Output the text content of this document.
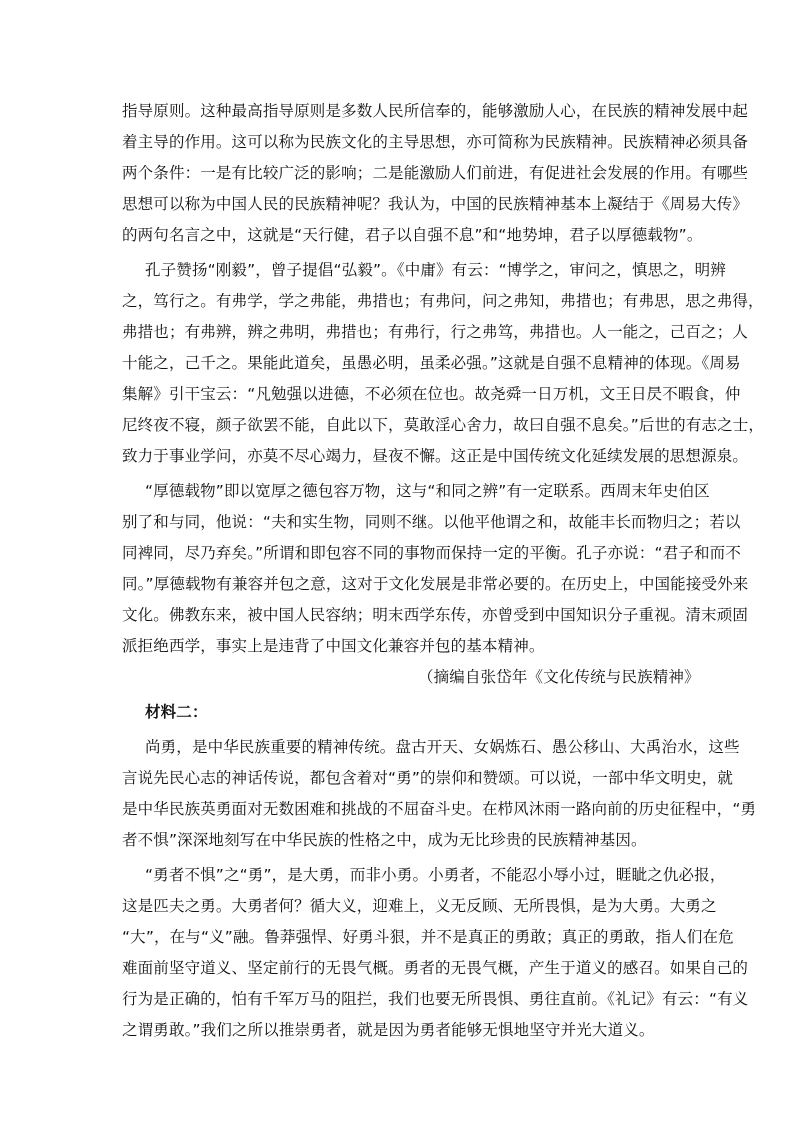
指导原则。这种最高指导原则是多数人民所信奉的，能够激励人心，在民族的精神发展中起
着主导的作用。这可以称为民族文化的主导思想，亦可简称为民族精神。民族精神必须具备
两个条件：一是有比较广泛的影响；二是能激励人们前进，有促进社会发展的作用。有哪些
思想可以称为中国人民的民族精神呢？我认为，中国的民族精神基本上凝结于《周易大传》
的两句名言之中，这就是“天行健，君子以自强不息”和“地势坤，君子以厚德载物”。
孔子赞扬“刚毅”，曾子提倡“弘毅”。《中庸》有云：“博学之，审问之，慎思之，明辨
之，笃行之。有弗学，学之弗能，弗措也；有弗问，问之弗知，弗措也；有弗思，思之弗得，
弗措也；有弗辨，辨之弗明，弗措也；有弗行，行之弗笃，弗措也。人一能之，己百之；人
十能之，己千之。果能此道矣，虽愚必明，虽柔必强。”这就是自强不息精神的体现。《周易
集解》引干宝云：“凡勉强以进德，不必须在位也。故尧舜一日万机，文王日昃不暇食，仲
尼终夜不寝，颜子欲罢不能，自此以下，莫敢淫心舍力，故曰自强不息矣。”后世的有志之士，
致力于事业学问，亦莫不尽心竭力，昼夜不懈。这正是中国传统文化延续发展的思想源泉。
“厚德载物”即以宽厚之德包容万物，这与“和同之辨”有一定联系。西周末年史伯区
别了和与同，他说：“夫和实生物，同则不继。以他平他谓之和，故能丰长而物归之；若以
同裨同，尽乃弃矣。”所谓和即包容不同的事物而保持一定的平衡。孔子亦说：“君子和而不
同。”厚德载物有兼容并包之意，这对于文化发展是非常必要的。在历史上，中国能接受外来
文化。佛教东来，被中国人民容纳；明末西学东传，亦曾受到中国知识分子重视。清末顽固
派拒绝西学，事实上是违背了中国文化兼容并包的基本精神。
（摘编自张岱年《文化传统与民族精神》
材料二：
尚勇，是中华民族重要的精神传统。盘古开天、女娲炼石、愚公移山、大禹治水，这些
言说先民心志的神话传说，都包含着对“勇”的崇仰和赞颂。可以说，一部中华文明史，就
是中华民族英勇面对无数困难和挑战的不屈奋斗史。在栉风沐雨一路向前的历史征程中，“勇
者不惧”深深地刻写在中华民族的性格之中，成为无比珍贵的民族精神基因。
“勇者不惧”之“勇”，是大勇，而非小勇。小勇者，不能忍小辱小过，睚眦之仇必报，
这是匹夫之勇。大勇者何？循大义，迎难上，义无反顾、无所畏惧，是为大勇。大勇之
“大”，在与“义”融。鲁莽强悍、好勇斗狠，并不是真正的勇敢；真正的勇敢，指人们在危
难面前坚守道义、坚定前行的无畏气概。勇者的无畏气概，产生于道义的感召。如果自己的
行为是正确的，怕有千军万马的阻拦，我们也要无所畏惧、勇往直前。《礼记》有云：“有义
之谓勇敢。”我们之所以推崇勇者，就是因为勇者能够无惧地坚守并光大道义。
